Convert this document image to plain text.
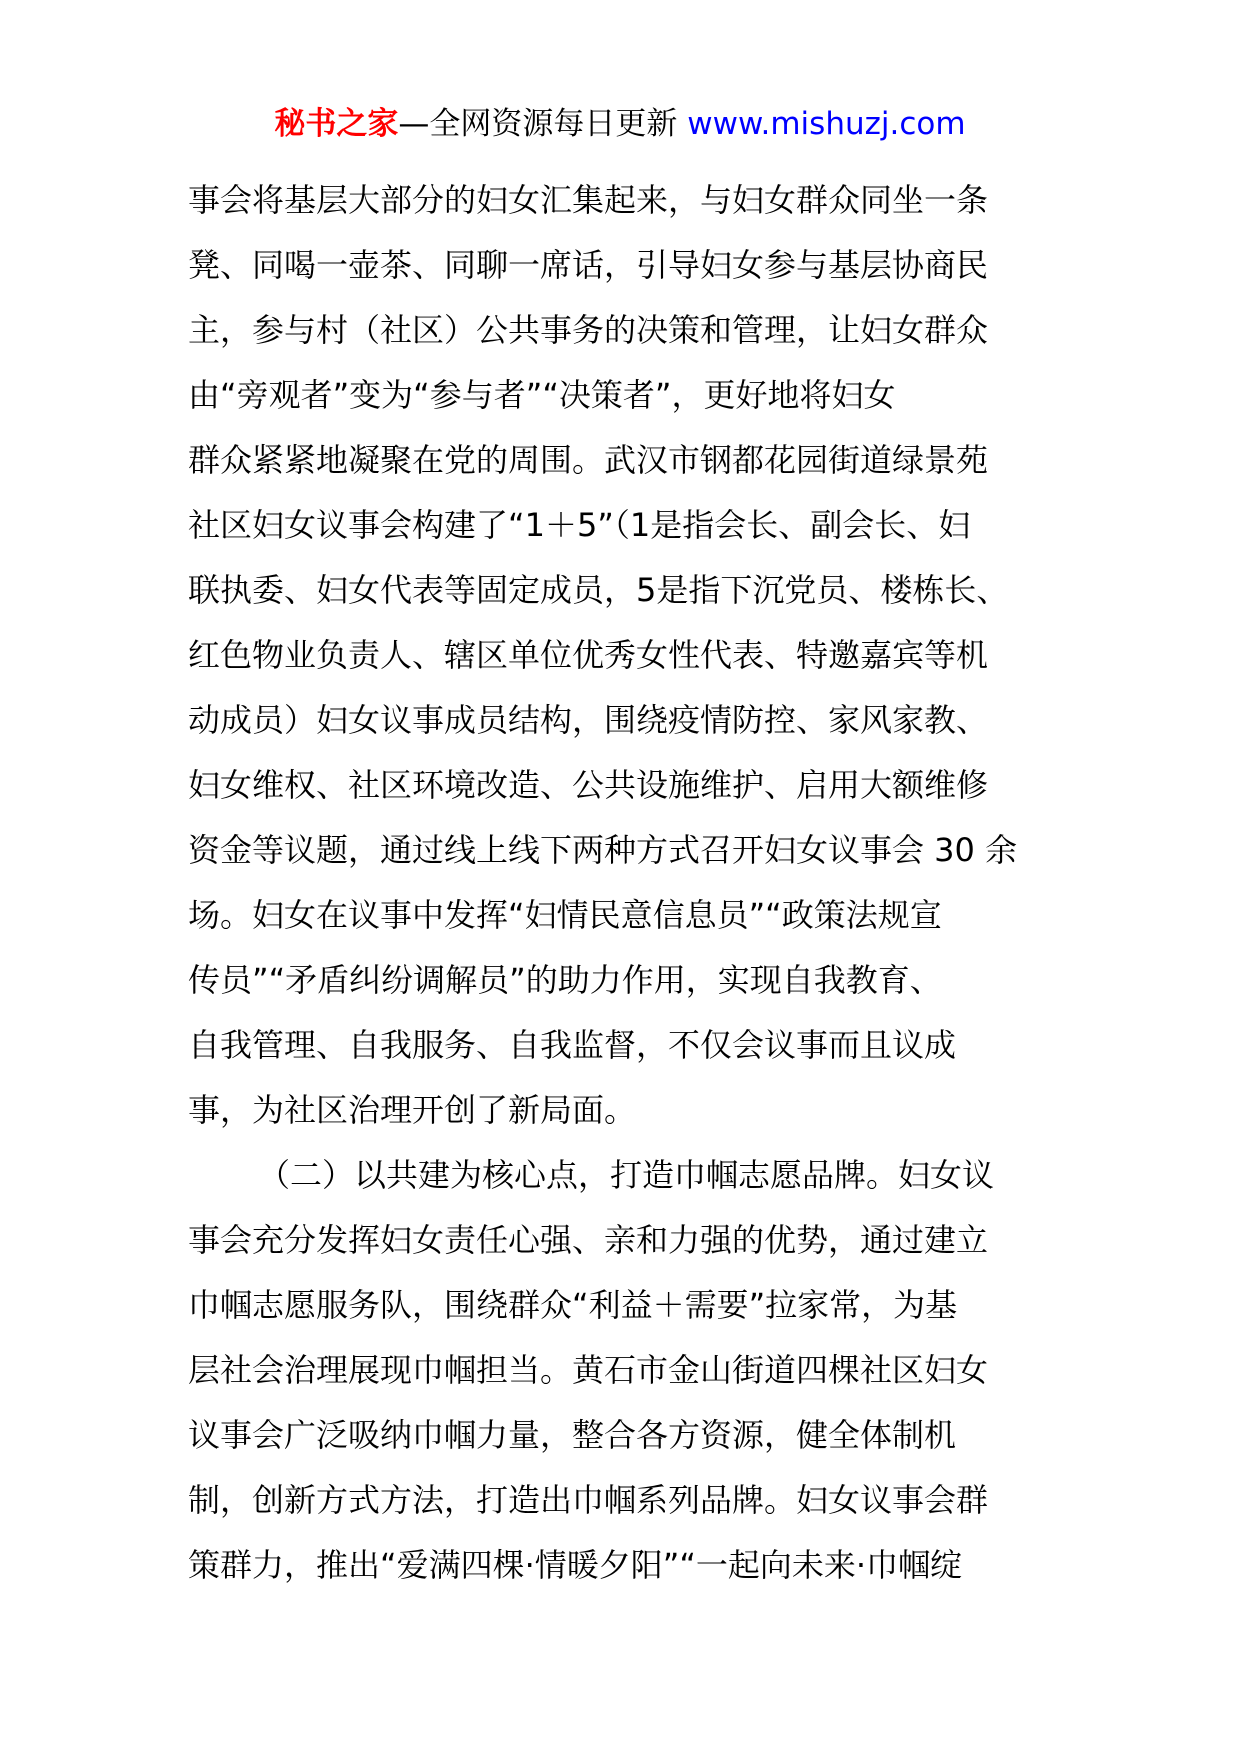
秘书之家—全网资源每日更新 www.mishuzj.com
事会将基层大部分的妇女汇集起来，与妇女群众同坐一条
凳、同喝一壶茶、同聊一席话，引导妇女参与基层协商民
主，参与村（社区）公共事务的决策和管理，让妇女群众
由“旁观者”变为“参与者”“决策者”，更好地将妇女
群众紧紧地凝聚在党的周围。武汉市钢都花园街道绿景苑
社区妇女议事会构建了“1＋5”（1是指会长、副会长、妇
联执委、妇女代表等固定成员，5是指下沉党员、楼栋长、
红色物业负责人、辖区单位优秀女性代表、特邀嘉宾等机
动成员）妇女议事成员结构，围绕疫情防控、家风家教、
妇女维权、社区环境改造、公共设施维护、启用大额维修
资金等议题，通过线上线下两种方式召开妇女议事会 30 余
场。妇女在议事中发挥“妇情民意信息员”“政策法规宣
传员”“矛盾纠纷调解员”的助力作用，实现自我教育、
自我管理、自我服务、自我监督，不仅会议事而且议成
事，为社区治理开创了新局面。
（二）以共建为核心点，打造巾帼志愿品牌。妇女议
事会充分发挥妇女责任心强、亲和力强的优势，通过建立
巾帼志愿服务队，围绕群众“利益＋需要”拉家常，为基
层社会治理展现巾帼担当。黄石市金山街道四棵社区妇女
议事会广泛吸纳巾帼力量，整合各方资源，健全体制机
制，创新方式方法，打造出巾帼系列品牌。妇女议事会群
策群力，推出“爱满四棵·情暖夕阳”“一起向未来·巾帼绽
